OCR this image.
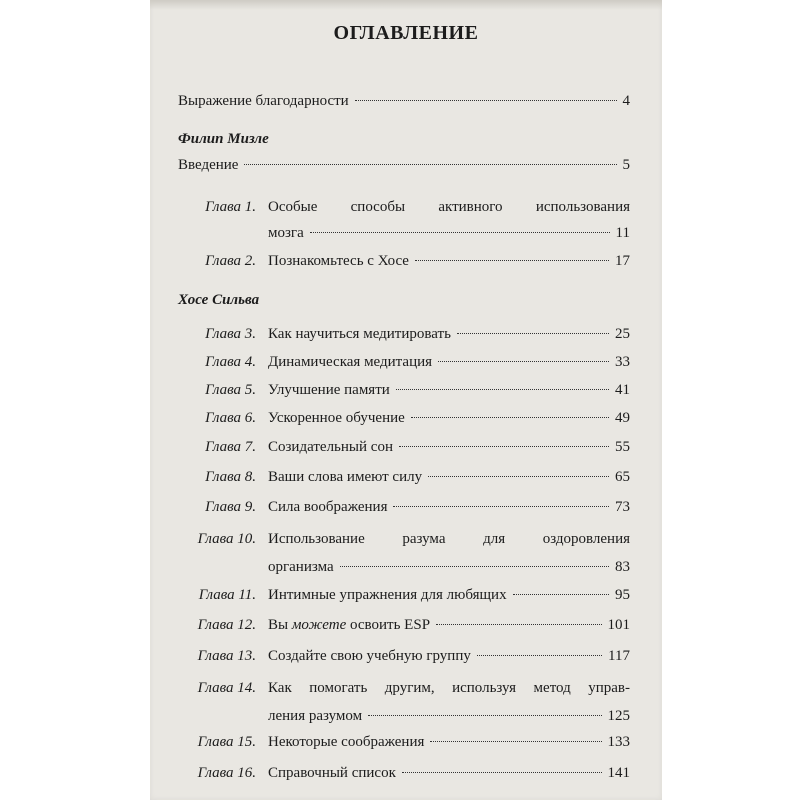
ОГЛАВЛЕНИЕ
Выражение благодарности	4
Филип Мизле
Введение	5
Глава 1. Особые способы активного использования
мозга	11
Глава 2. Познакомьтесь с Хосе	17
Хосе Сильва
Глава 3. Как научиться медитировать	25
Глава 4. Динамическая медитация	33
Глава 5. Улучшение памяти	41
Глава 6. Ускоренное обучение	49
Глава 7. Созидательный сон	55
Глава 8. Ваши слова имеют силу	65
Глава 9. Сила воображения	73
Глава 10. Использование разума для оздоровления
организма	83
Глава 11. Интимные упражнения для любящих	95
Глава 12. Вы можете освоить ESP	101
Глава 13. Создайте свою учебную группу	117
Глава 14. Как помогать другим, используя метод управ-
ления разумом	125
Глава 15. Некоторые соображения	133
Глава 16. Справочный список	141
